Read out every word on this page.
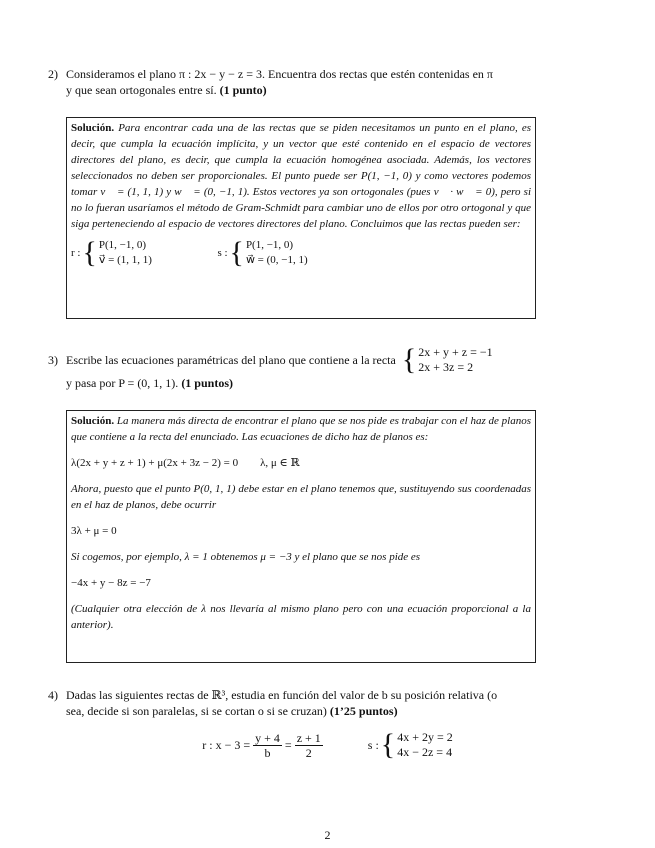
2) Consideramos el plano π : 2x − y − z = 3. Encuentra dos rectas que estén contenidas en π
y que sean ortogonales entre sí. (1 punto)

Solución. Para encontrar cada una de las rectas que se piden necesitamos un punto en el plano, es decir, que cumpla la ecuación implícita, y un vector que esté contenido en el espacio de vectores directores del plano, es decir, que cumpla la ecuación homogénea asociada. Además, los vectores seleccionados no deben ser proporcionales. El punto puede ser P(1, −1, 0) y como vectores podemos tomar v⃗ = (1, 1, 1) y w⃗ = (0, −1, 1). Estos vectores ya son ortogonales (pues v⃗ · w⃗ = 0), pero si no lo fueran usaríamos el método de Gram-Schmidt para cambiar uno de ellos por otro ortogonal y que siga perteneciendo al espacio de vectores directores del plano. Concluimos que las rectas pueden ser:

r : { P(1, −1, 0)
v⃗ = (1, 1, 1)

s : { P(1, −1, 0)
w⃗ = (0, −1, 1)

3) Escribe las ecuaciones paramétricas del plano que contiene a la recta { 2x + y + z = −1
2x + 3z = 2
y pasa por P = (0, 1, 1). (1 puntos)

Solución. La manera más directa de encontrar el plano que se nos pide es trabajar con el haz de planos que contiene a la recta del enunciado. Las ecuaciones de dicho haz de planos es:

λ(2x + y + z + 1) + μ(2x + 3z − 2) = 0        λ, μ ∈ ℝ

Ahora, puesto que el punto P(0, 1, 1) debe estar en el plano tenemos que, sustituyendo sus coordenadas en el haz de planos, debe ocurrir

3λ + μ = 0

Si cogemos, por ejemplo, λ = 1 obtenemos μ = −3 y el plano que se nos pide es

−4x + y − 8z = −7

(Cualquier otra elección de λ nos llevaría al mismo plano pero con una ecuación proporcional a la anterior).

4) Dadas las siguientes rectas de ℝ³, estudia en función del valor de b su posición relativa (o
sea, decide si son paralelas, si se cortan o si se cruzan) (1’25 puntos)
r : $x - 3 = \frac{y + 4}{b} = \frac{z + 1}{2}$
	s : { 4x + 2y = 2
4x − 2z = 4
2
